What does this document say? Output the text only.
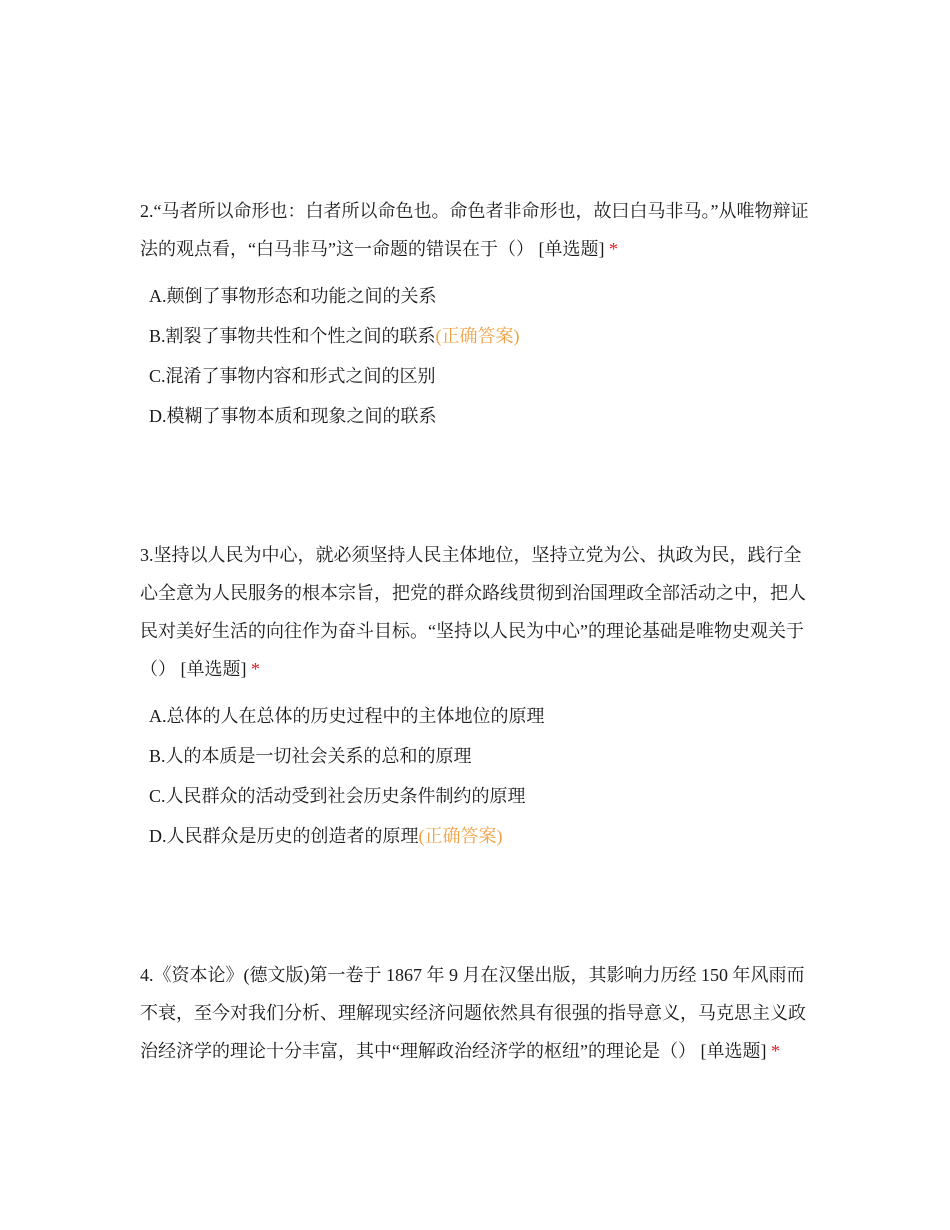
2.“马者所以命形也：白者所以命色也。命色者非命形也，故曰白马非马。”从唯物辩证法的观点看，“白马非马”这一命题的错误在于（） [单选题] *

A.颠倒了事物形态和功能之间的关系
B.割裂了事物共性和个性之间的联系(正确答案)
C.混淆了事物内容和形式之间的区别
D.模糊了事物本质和现象之间的联系

3.坚持以人民为中心，就必须坚持人民主体地位，坚持立党为公、执政为民，践行全心全意为人民服务的根本宗旨，把党的群众路线贯彻到治国理政全部活动之中，把人民对美好生活的向往作为奋斗目标。“坚持以人民为中心”的理论基础是唯物史观关于（） [单选题] *

A.总体的人在总体的历史过程中的主体地位的原理
B.人的本质是一切社会关系的总和的原理
C.人民群众的活动受到社会历史条件制约的原理
D.人民群众是历史的创造者的原理(正确答案)

4.《资本论》(德文版)第一卷于 1867 年 9 月在汉堡出版，其影响力历经 150 年风雨而不衰，至今对我们分析、理解现实经济问题依然具有很强的指导意义，马克思主义政治经济学的理论十分丰富，其中“理解政治经济学的枢纽”的理论是（） [单选题] *
